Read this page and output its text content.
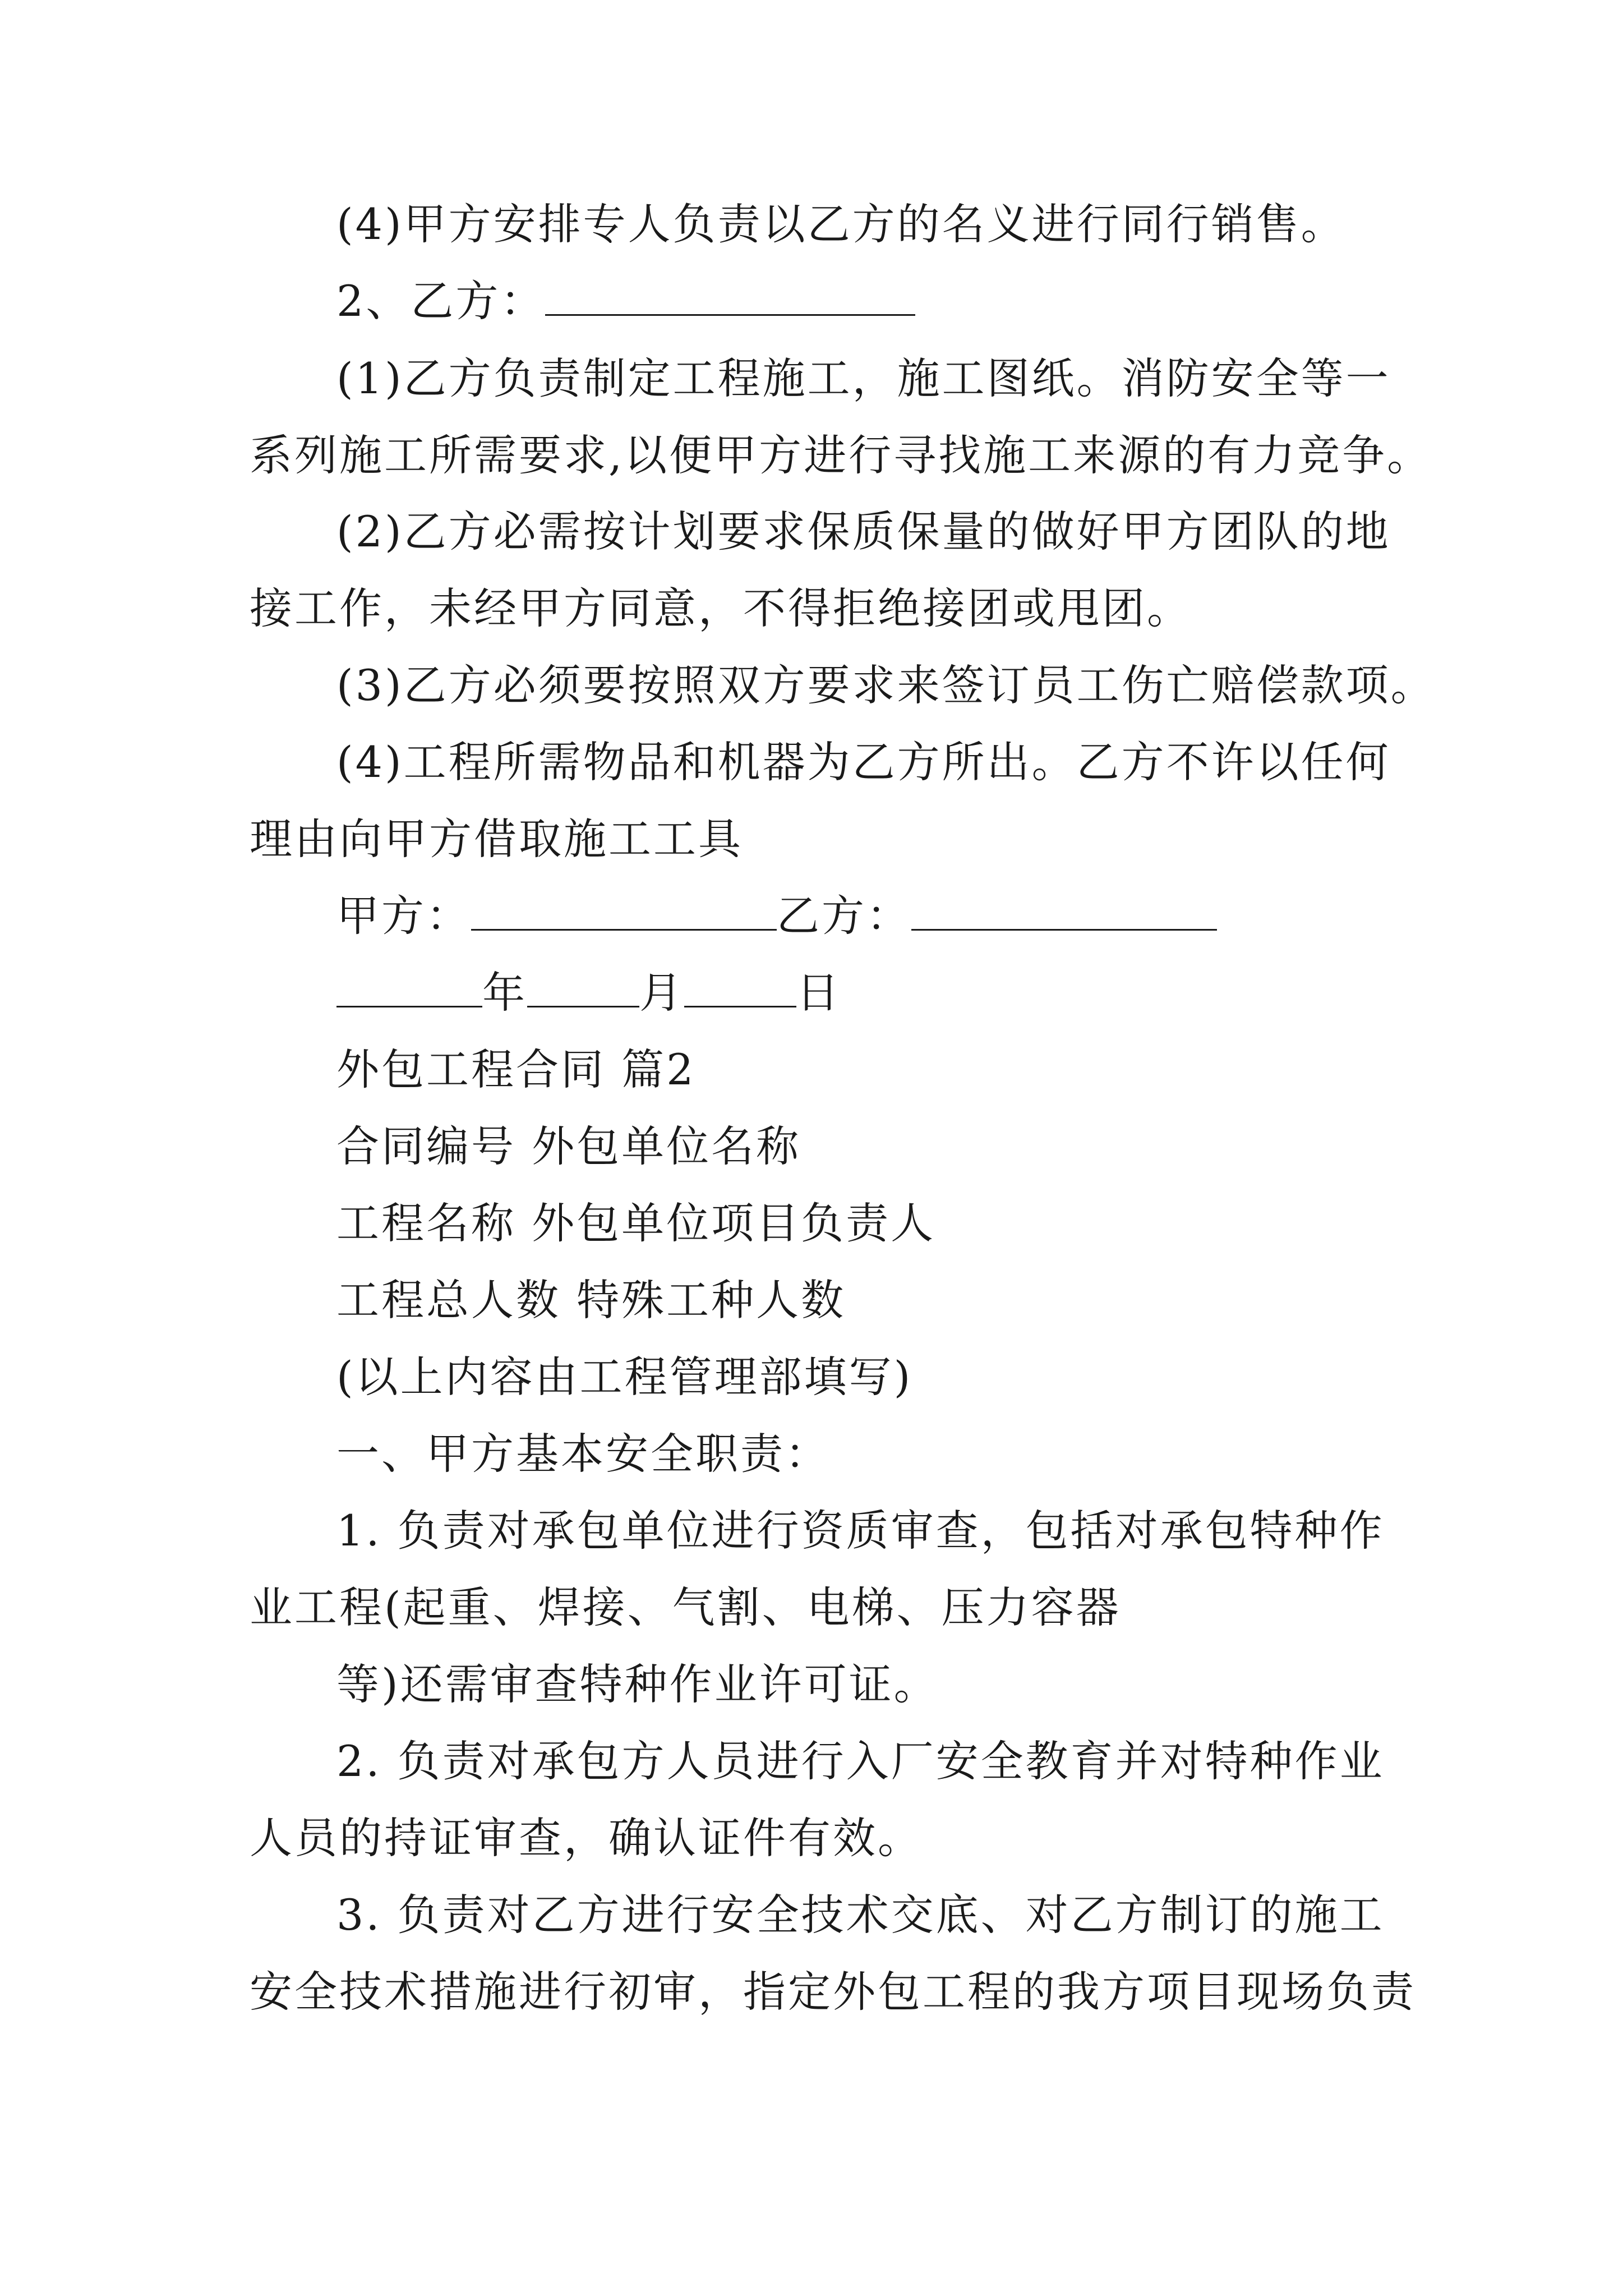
(4)甲方安排专人负责以乙方的名义进行同行销售。
2、乙方：
(1)乙方负责制定工程施工，施工图纸。消防安全等一
系列施工所需要求,以便甲方进行寻找施工来源的有力竞争。
(2)乙方必需按计划要求保质保量的做好甲方团队的地
接工作，未经甲方同意，不得拒绝接团或甩团。
(3)乙方必须要按照双方要求来签订员工伤亡赔偿款项。
(4)工程所需物品和机器为乙方所出。乙方不许以任何
理由向甲方借取施工工具
甲方：	乙方：
年	月	日
外包工程合同 篇2
合同编号 外包单位名称
工程名称 外包单位项目负责人
工程总人数 特殊工种人数
(以上内容由工程管理部填写)
一、甲方基本安全职责：
1. 负责对承包单位进行资质审查，包括对承包特种作
业工程(起重、焊接、气割、电梯、压力容器
等)还需审查特种作业许可证。
2. 负责对承包方人员进行入厂安全教育并对特种作业
人员的持证审查，确认证件有效。
3. 负责对乙方进行安全技术交底、对乙方制订的施工
安全技术措施进行初审，指定外包工程的我方项目现场负责
